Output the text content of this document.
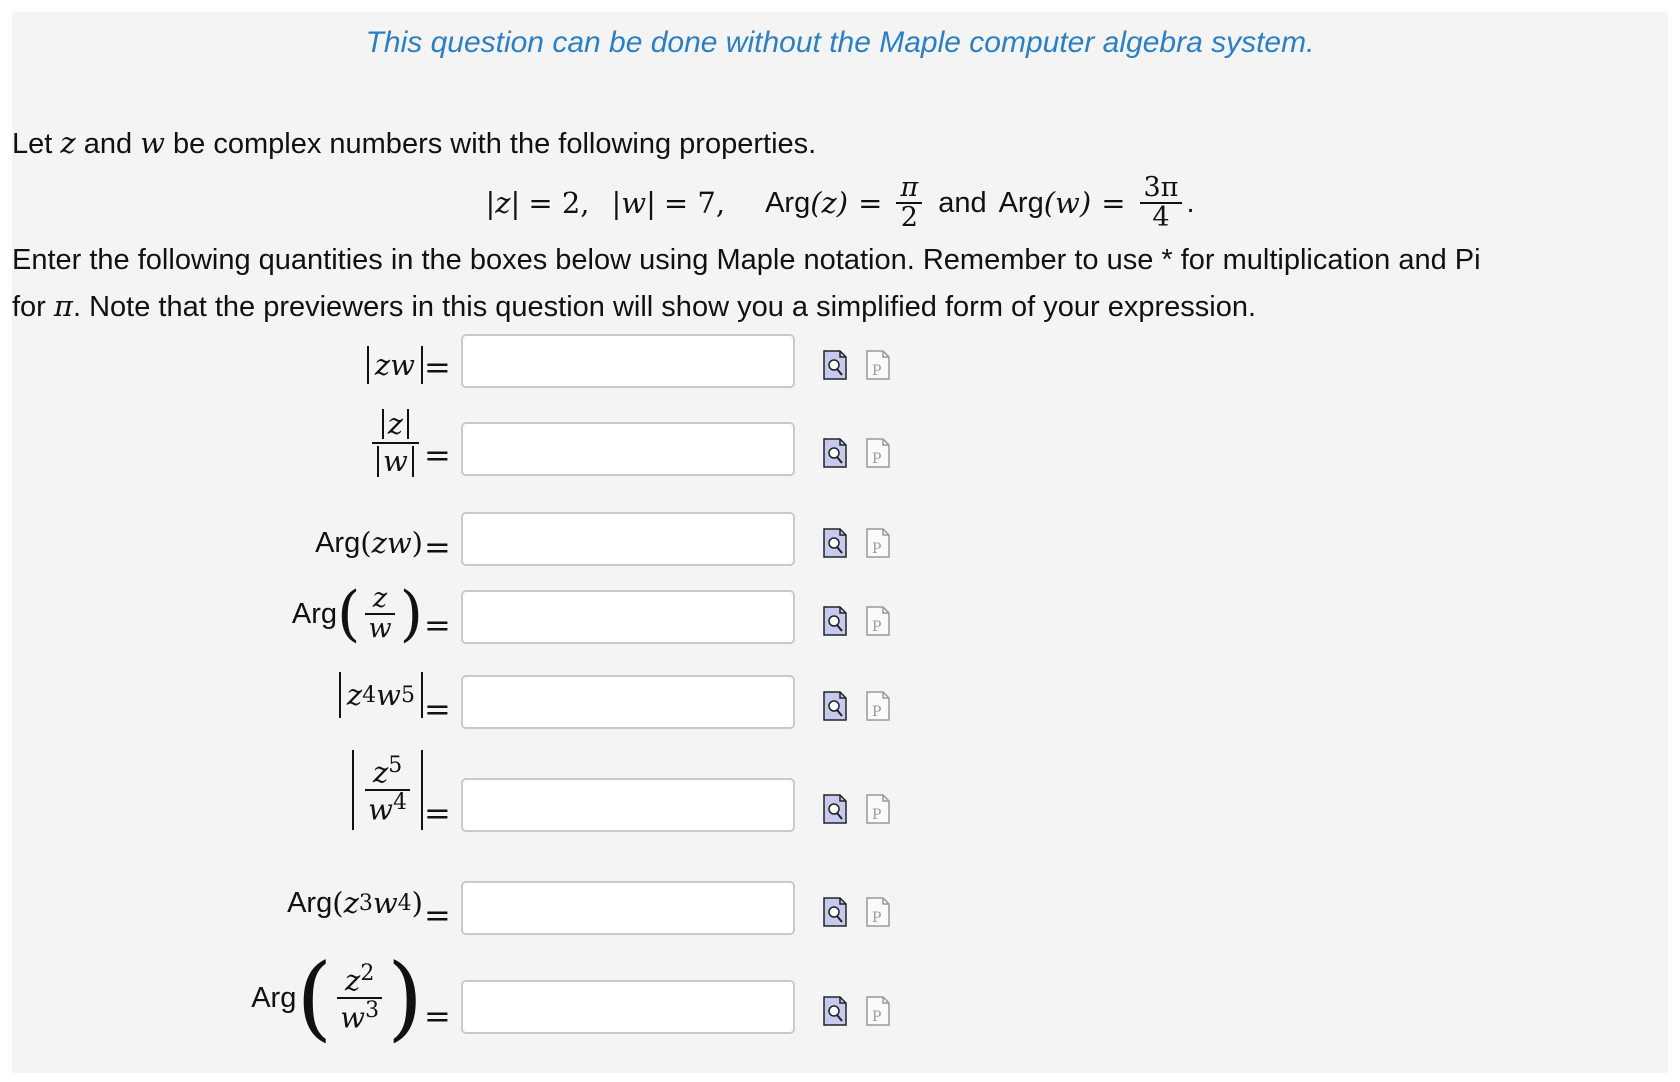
This question can be done without the Maple computer algebra system.
Let z and w be complex numbers with the following properties.
|z| = 2, |w| = 7, Arg $(z) = \frac{\pi}{2}$ and Arg $(w) = \frac{3\pi}{4}$ .
Enter the following quantities in the boxes below using Maple notation. Remember to use * for multiplication and Pi
for π. Note that the previewers in this question will show you a simplified form of your expression.
zw =	P
$\frac{z}{w}$ =	P
Arg ( zw ) =	P
Arg ( $\frac{z}{w}$ ) =	P
z 4 w 5 =	P
$\frac{z^5}{w^4}$ =	P
Arg ( z 3 w 4 ) =	P
Arg ( $\frac{z^2}{w^3}$ ) =	P
